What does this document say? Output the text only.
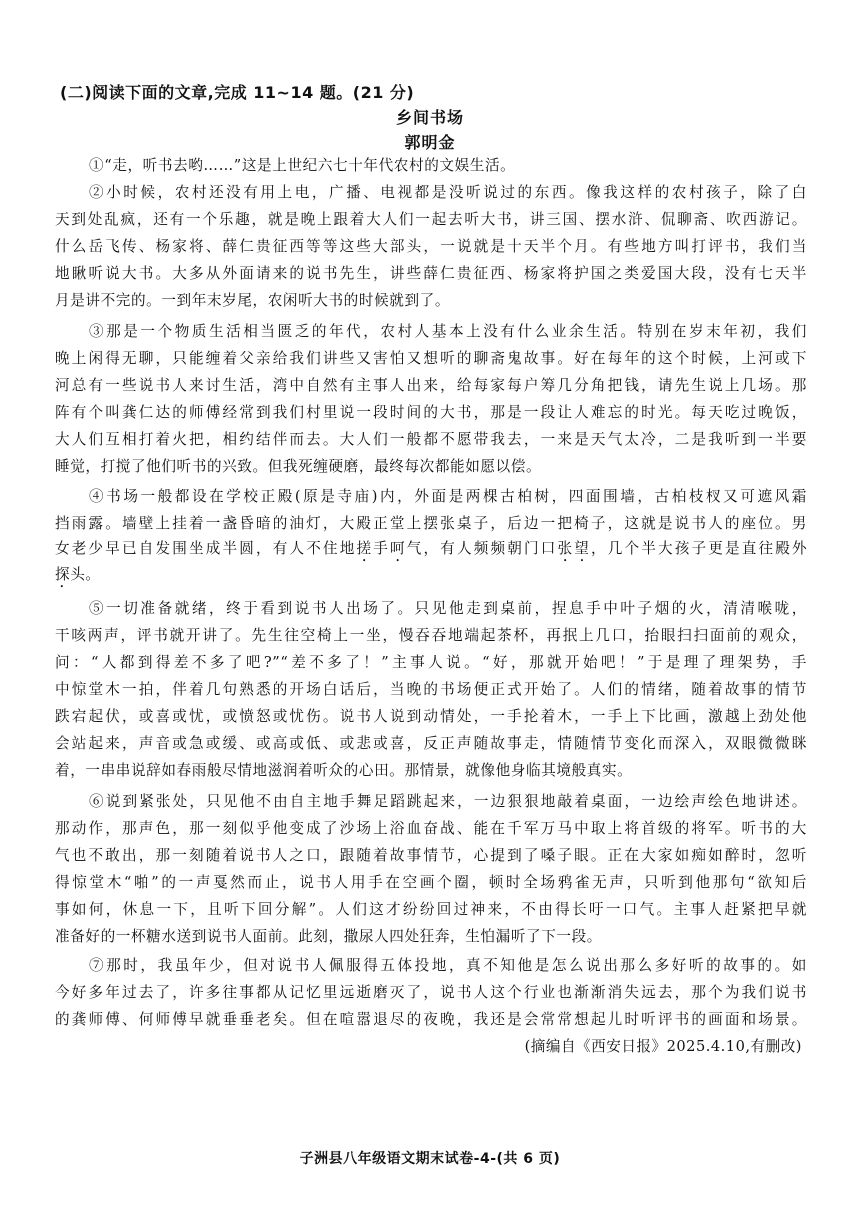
(二)阅读下面的文章,完成 11~14 题。(21 分)
乡间书场
郭明金
①“走，听书去哟……”这是上世纪六七十年代农村的文娱生活。
②小时候，农村还没有用上电，广播、电视都是没听说过的东西。像我这样的农村孩子，除了白
天到处乱疯，还有一个乐趣，就是晚上跟着大人们一起去听大书，讲三国、摆水浒、侃聊斋、吹西游记。
什么岳飞传、杨家将、薛仁贵征西等等这些大部头，一说就是十天半个月。有些地方叫打评书，我们当
地瞅听说大书。大多从外面请来的说书先生，讲些薛仁贵征西、杨家将护国之类爱国大段，没有七天半
月是讲不完的。一到年末岁尾，农闲听大书的时候就到了。
③那是一个物质生活相当匮乏的年代，农村人基本上没有什么业余生活。特别在岁末年初，我们
晚上闲得无聊，只能缠着父亲给我们讲些又害怕又想听的聊斋鬼故事。好在每年的这个时候，上河或下
河总有一些说书人来讨生活，湾中自然有主事人出来，给每家每户筹几分角把钱，请先生说上几场。那
阵有个叫龚仁达的师傅经常到我们村里说一段时间的大书，那是一段让人难忘的时光。每天吃过晚饭，
大人们互相打着火把，相约结伴而去。大人们一般都不愿带我去，一来是天气太冷，二是我听到一半要
睡觉，打搅了他们听书的兴致。但我死缠硬磨，最终每次都能如愿以偿。
④书场一般都设在学校正殿(原是寺庙)内，外面是两棵古柏树，四面围墙，古柏枝杈又可遮风霜
挡雨露。墙壁上挂着一盏昏暗的油灯，大殿正堂上摆张桌子，后边一把椅子，这就是说书人的座位。男
女老少早已自发围坐成半圆，有人不住地搓手呵气，有人频频朝门口张望，几个半大孩子更是直往殿外
探头。
⑤一切准备就绪，终于看到说书人出场了。只见他走到桌前，捏息手中叶子烟的火，清清喉咙，
干咳两声，评书就开讲了。先生往空椅上一坐，慢吞吞地端起茶杯，再抿上几口，抬眼扫扫面前的观众，
问：“人都到得差不多了吧?”“差不多了！”主事人说。“好，那就开始吧！”于是理了理架势，手
中惊堂木一拍，伴着几句熟悉的开场白话后，当晚的书场便正式开始了。人们的情绪，随着故事的情节
跌宕起伏，或喜或忧，或愤怒或忧伤。说书人说到动情处，一手抡着木，一手上下比画，激越上劲处他
会站起来，声音或急或缓、或高或低、或悲或喜，反正声随故事走，情随情节变化而深入，双眼微微眯
着，一串串说辞如春雨般尽情地滋润着听众的心田。那情景，就像他身临其境般真实。
⑥说到紧张处，只见他不由自主地手舞足蹈跳起来，一边狠狠地敲着桌面，一边绘声绘色地讲述。
那动作，那声色，那一刻似乎他变成了沙场上浴血奋战、能在千军万马中取上将首级的将军。听书的大
气也不敢出，那一刻随着说书人之口，跟随着故事情节，心提到了嗓子眼。正在大家如痴如醉时，忽听
得惊堂木“啪”的一声戛然而止，说书人用手在空画个圈，顿时全场鸦雀无声，只听到他那句“欲知后
事如何，休息一下，且听下回分解”。人们这才纷纷回过神来，不由得长吁一口气。主事人赶紧把早就
准备好的一杯糖水送到说书人面前。此刻，撒尿人四处狂奔，生怕漏听了下一段。
⑦那时，我虽年少，但对说书人佩服得五体投地，真不知他是怎么说出那么多好听的故事的。如
今好多年过去了，许多往事都从记忆里远逝磨灭了，说书人这个行业也渐渐消失远去，那个为我们说书
的龚师傅、何师傅早就垂垂老矣。但在喧嚣退尽的夜晚，我还是会常常想起儿时听评书的画面和场景。
(摘编自《西安日报》2025.4.10,有删改)
子洲县八年级语文期末试卷-4-(共 6 页)
